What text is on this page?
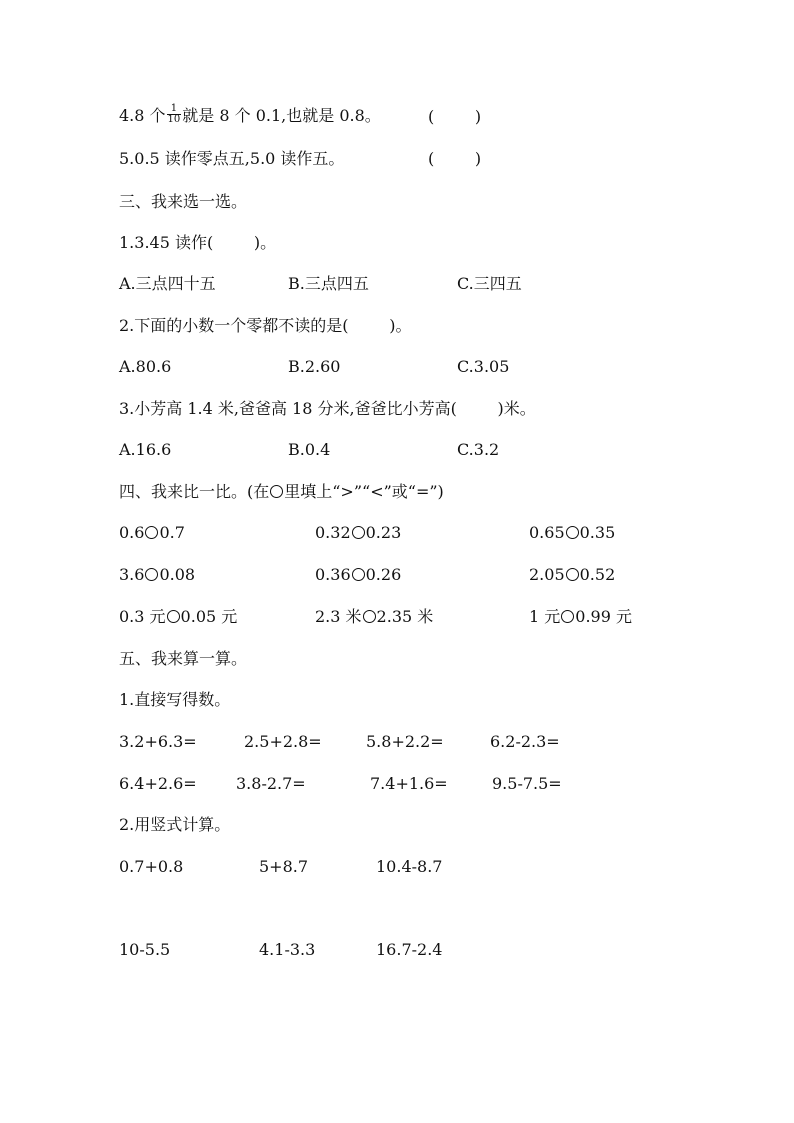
4.8 个 $\frac{1}{10}$ 就是 8 个 0.1,也就是 0.8。	(        )
5.0.5 读作零点五,5.0 读作五。	(        )
三、我来选一选。
1.3.45 读作(        )。
A.三点四十五	B.三点四五	C.三四五
2.下面的小数一个零都不读的是(        )。
A.80.6	B.2.60	C.3.05
3.小芳高 1.4 米,爸爸高 18 分米,爸爸比小芳高(        )米。
A.16.6	B.0.4	C.3.2
四、我来比一比。(在 里填上“>”“<”或“=”)
0.6 0.7	0.32 0.23	0.65 0.35
3.6 0.08	0.36 0.26	2.05 0.52
0.3 元 0.05 元	2.3 米 2.35 米	1 元 0.99 元
五、我来算一算。
1.直接写得数。
3.2+6.3=	2.5+2.8=	5.8+2.2=	6.2-2.3=
6.4+2.6= 3.8-2.7=	7.4+1.6=	9.5-7.5=
2.用竖式计算。
0.7+0.8	5+8.7	10.4-8.7
10-5.5	4.1-3.3	16.7-2.4
